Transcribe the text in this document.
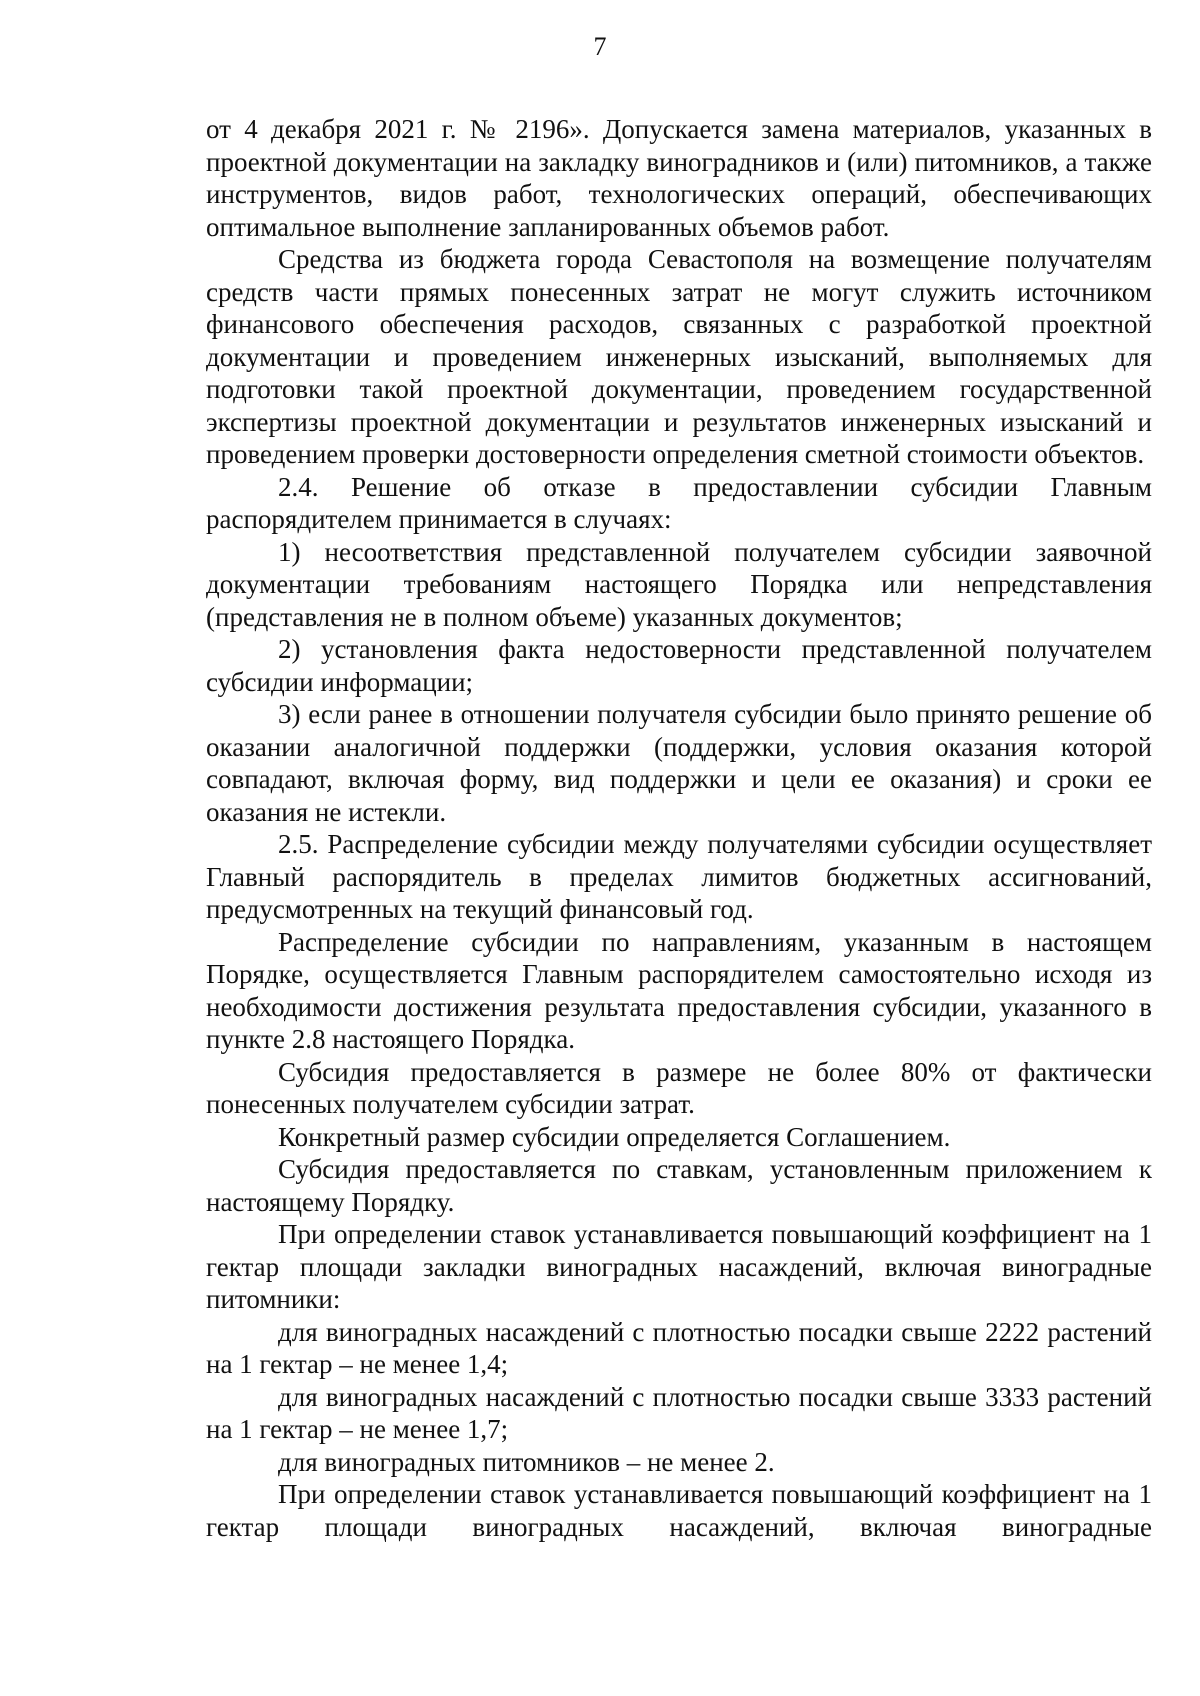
7

от 4 декабря 2021 г. № 2196». Допускается замена материалов, указанных в проектной документации на закладку виноградников и (или) питомников, а также инструментов, видов работ, технологических операций, обеспечивающих оптимальное выполнение запланированных объемов работ.

Средства из бюджета города Севастополя на возмещение получателям средств части прямых понесенных затрат не могут служить источником финансового обеспечения расходов, связанных с разработкой проектной документации и проведением инженерных изысканий, выполняемых для подготовки такой проектной документации, проведением государственной экспертизы проектной документации и результатов инженерных изысканий и проведением проверки достоверности определения сметной стоимости объектов.

2.4. Решение об отказе в предоставлении субсидии Главным распорядителем принимается в случаях:

1) несоответствия представленной получателем субсидии заявочной документации требованиям настоящего Порядка или непредставления (представления не в полном объеме) указанных документов;

2) установления факта недостоверности представленной получателем субсидии информации;

3) если ранее в отношении получателя субсидии было принято решение об оказании аналогичной поддержки (поддержки, условия оказания которой совпадают, включая форму, вид поддержки и цели ее оказания) и сроки ее оказания не истекли.

2.5. Распределение субсидии между получателями субсидии осуществляет Главный распорядитель в пределах лимитов бюджетных ассигнований, предусмотренных на текущий финансовый год.

Распределение субсидии по направлениям, указанным в настоящем Порядке, осуществляется Главным распорядителем самостоятельно исходя из необходимости достижения результата предоставления субсидии, указанного в пункте 2.8 настоящего Порядка.

Субсидия предоставляется в размере не более 80% от фактически понесенных получателем субсидии затрат.

Конкретный размер субсидии определяется Соглашением.

Субсидия предоставляется по ставкам, установленным приложением к настоящему Порядку.

При определении ставок устанавливается повышающий коэффициент на 1 гектар площади закладки виноградных насаждений, включая виноградные питомники:

для виноградных насаждений с плотностью посадки свыше 2222 растений на 1 гектар – не менее 1,4;

для виноградных насаждений с плотностью посадки свыше 3333 растений на 1 гектар – не менее 1,7;

для виноградных питомников – не менее 2.

При определении ставок устанавливается повышающий коэффициент на 1 гектар площади виноградных насаждений, включая виноградные
